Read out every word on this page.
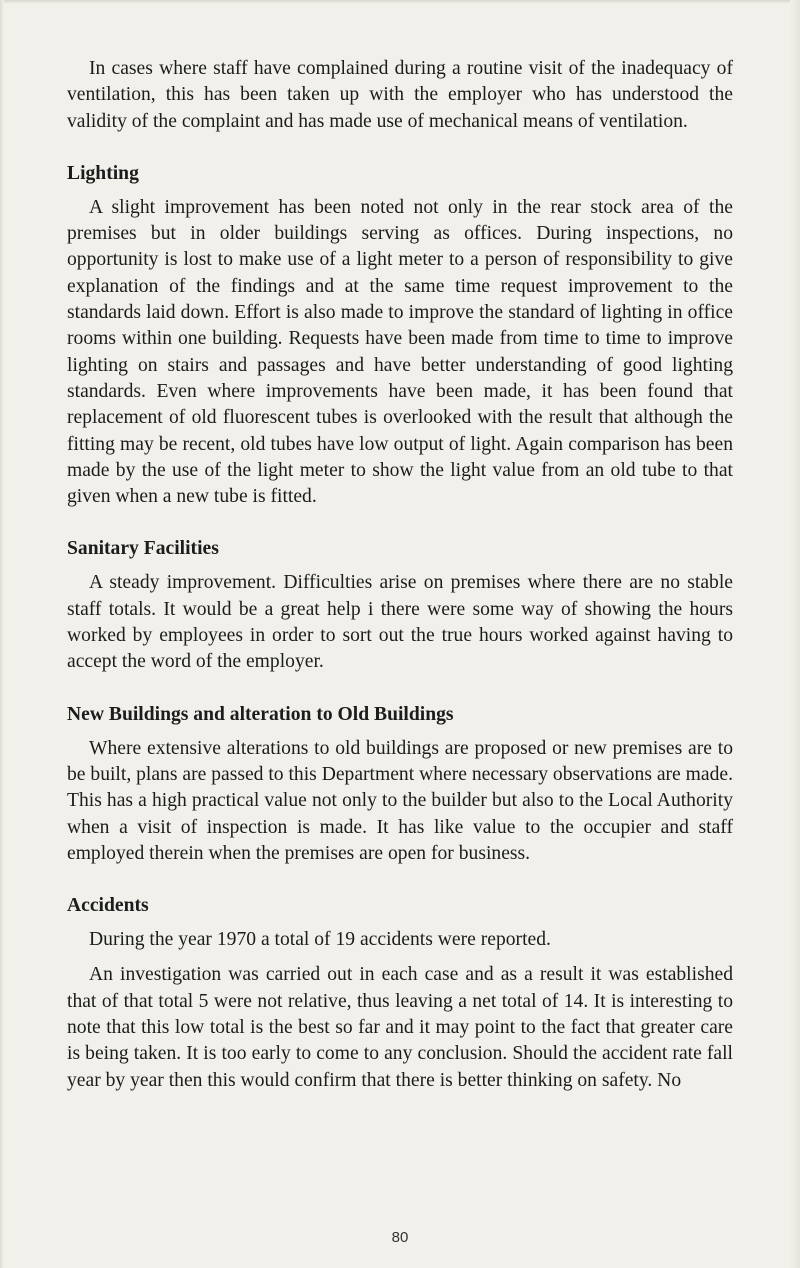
In cases where staff have complained during a routine visit of the inadequacy of ventilation, this has been taken up with the employer who has understood the validity of the complaint and has made use of mechanical means of ventilation.

Lighting

A slight improvement has been noted not only in the rear stock area of the premises but in older buildings serving as offices. During inspections, no opportunity is lost to make use of a light meter to a person of responsibility to give explanation of the findings and at the same time request improvement to the standards laid down. Effort is also made to improve the standard of lighting in office rooms within one building. Requests have been made from time to time to improve lighting on stairs and passages and have better understanding of good lighting standards. Even where improvements have been made, it has been found that replacement of old fluorescent tubes is overlooked with the result that although the fitting may be recent, old tubes have low output of light. Again comparison has been made by the use of the light meter to show the light value from an old tube to that given when a new tube is fitted.

Sanitary Facilities

A steady improvement. Difficulties arise on premises where there are no stable staff totals. It would be a great help i there were some way of showing the hours worked by employees in order to sort out the true hours worked against having to accept the word of the employer.

New Buildings and alteration to Old Buildings

Where extensive alterations to old buildings are proposed or new premises are to be built, plans are passed to this Department where necessary observations are made. This has a high practical value not only to the builder but also to the Local Authority when a visit of inspection is made. It has like value to the occupier and staff employed therein when the premises are open for business.

Accidents

During the year 1970 a total of 19 accidents were reported.

An investigation was carried out in each case and as a result it was established that of that total 5 were not relative, thus leaving a net total of 14. It is interesting to note that this low total is the best so far and it may point to the fact that greater care is being taken. It is too early to come to any conclusion. Should the accident rate fall year by year then this would confirm that there is better thinking on safety. No

80
